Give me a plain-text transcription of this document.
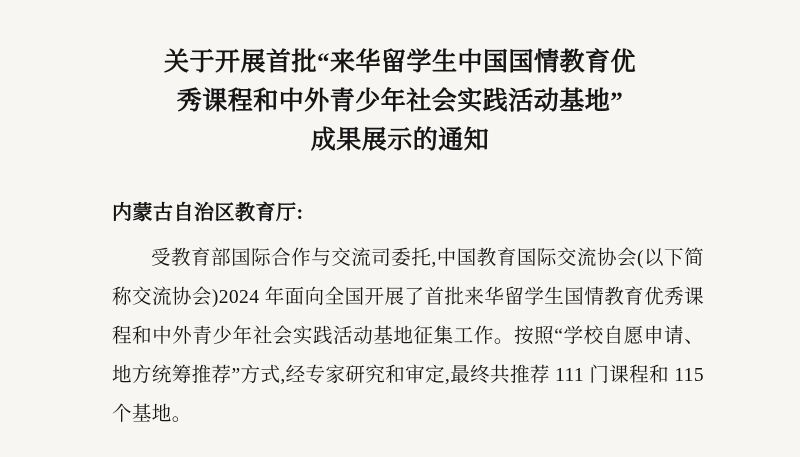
关于开展首批“来华留学生中国国情教育优
秀课程和中外青少年社会实践活动基地”
成果展示的通知

内蒙古自治区教育厅:

受教育部国际合作与交流司委托,中国教育国际交流协会(以下简称交流协会)2024 年面向全国开展了首批来华留学生国情教育优秀课程和中外青少年社会实践活动基地征集工作。按照“学校自愿申请、地方统筹推荐”方式,经专家研究和审定,最终共推荐 111 门课程和 115 个基地。
